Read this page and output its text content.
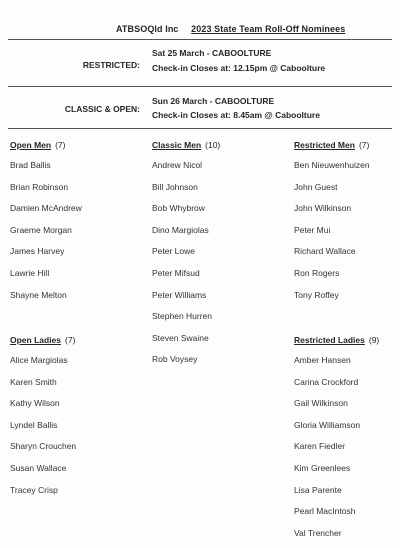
ATBSOQld Inc 2023 State Team Roll-Off Nominees
RESTRICTED:
Sat 25 March - CABOOLTURE
Check-in Closes at: 12.15pm @ Caboolture
CLASSIC & OPEN:
Sun 26 March - CABOOLTURE
Check-in Closes at: 8.45am @ Caboolture
Open Men (7)
Brad Ballis
Brian Robinson
Damien McAndrew
Graeme Morgan
James Harvey
Lawrie Hill
Shayne Melton
Classic Men (10)
Andrew Nicol
Bill Johnson
Bob Whybrow
Dino Margiolas
Peter Lowe
Peter Mifsud
Peter Williams
Stephen Hurren
Steven Swaine
Rob Voysey
Restricted Men (7)
Ben Nieuwenhuizen
John Guest
John Wilkinson
Peter Mui
Richard Wallace
Ron Rogers
Tony Roffey
Open Ladies (7)
Alice Margiolas
Karen Smith
Kathy Wilson
Lyndel Ballis
Sharyn Crouchen
Susan Wallace
Tracey Crisp
Restricted Ladies (9)
Amber Hansen
Carina Crockford
Gail Wilkinson
Gloria Williamson
Karen Fiedler
Kim Greenlees
Lisa Parente
Pearl MacIntosh
Val Trencher
